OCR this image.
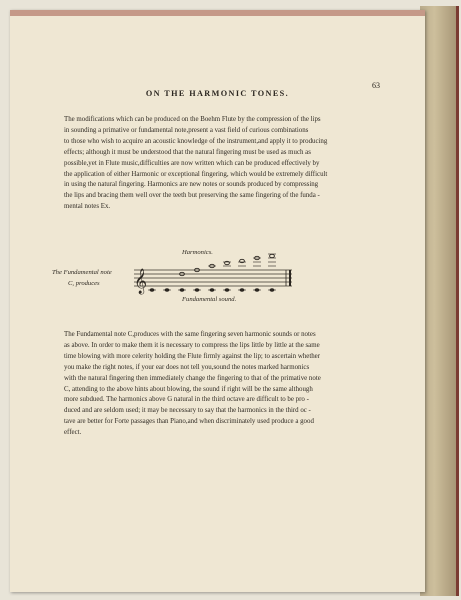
63
ON THE HARMONIC TONES.
The modifications which can be produced on the Boehm Flute by the compression of the lips
in sounding a primative or fundamental note,present a vast field of curious combinations
to those who wish to acquire an acoustic knowledge of the instrument,and apply it to producing
effects; although it must be understood that the natural fingering must be used as much as
possible,yet in Flute music,difficulties are now written which can be produced effectively by
the application of either Harmonic or exceptional fingering, which would be extremely difficult
in using the natural fingering. Harmonics are new notes or sounds produced by compressing
the lips and bracing them well over the teeth but preserving the same fingering of the funda -
mental notes Ex.
Harmonics.
The Fundamental note
C, produces
Fundamental sound.
𝄞
The Fundamental note C,produces with the same fingering seven harmonic sounds or notes
as above. In order to make them it is necessary to compress the lips little by little at the same
time blowing with more celerity holding the Flute firmly against the lip; to ascertain whether
you make the right notes, if your ear does not tell you,sound the notes marked harmonics
with the natural fingering then immediately change the fingering to that of the primative note
C, attending to the above hints about blowing, the sound if right will be the same although
more subdued. The harmonics above G natural in the third octave are difficult to be pro -
duced and are seldom used; it may be necessary to say that the harmonics in the third oc -
tave are better for Forte passages than Piano,and when discriminately used produce a good
effect.
